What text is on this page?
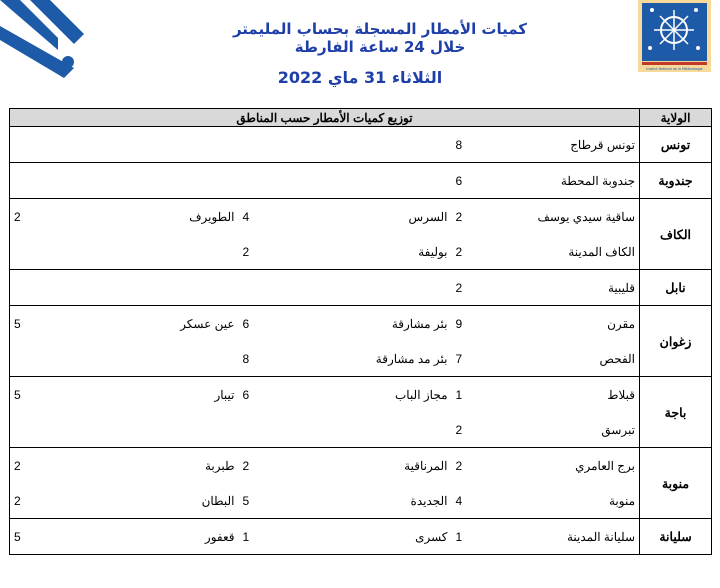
Institut National de la Météorologie
كميات الأمطار المسجلة بحساب المليمتر
خلال 24 ساعة الفارطة
الثلاثاء 31 ماي 2022
الولاية	توزيع كميات الأمطار حسب المناطق					
تونس	تونس قرطاج	8				
جندوبة	جندوبة المحطة	6				
الكاف	ساقية سيدي يوسف	2	السرس	4	الطويرف	2
	الكاف المدينة	2	بوليفة	2		
نابل	قليبية	2				
زغوان	مقرن	9	بئر مشارقة	6	عين عسكر	5
	الفحص	7	بئر مد مشارقة	8		
باجة	قبلاط	1	مجاز الباب	6	تيبار	5
	تبرسق	2				
منوبة	برج العامري	2	المرناقية	2	طبربة	2
	منوبة	4	الجديدة	5	البطان	2
سليانة	سليانة المدينة	1	كسرى	1	قعفور	5
